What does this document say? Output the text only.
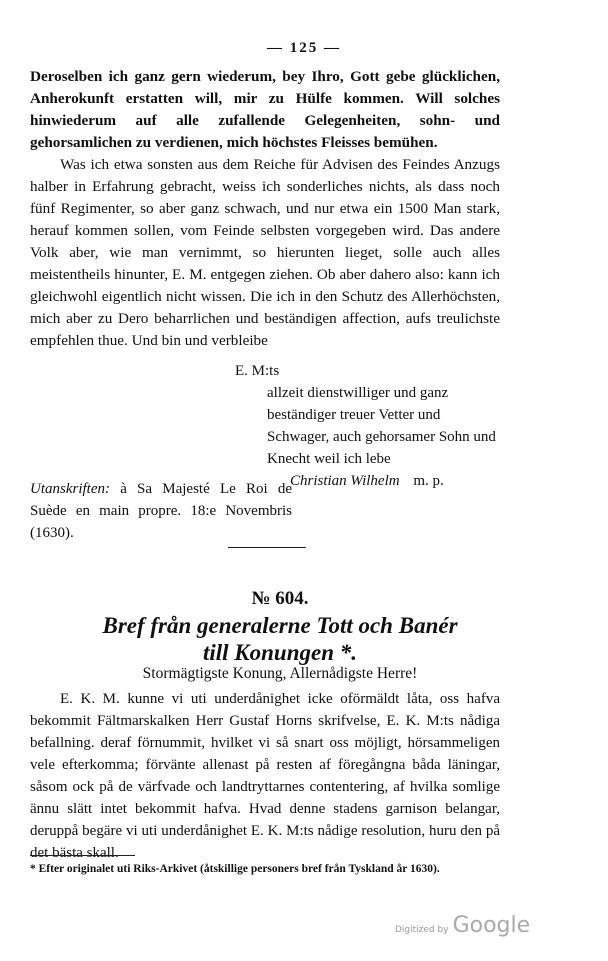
— 125 —

Deroselben ich ganz gern wiederum, bey Ihro, Gott gebe glücklichen, Anherokunft erstatten will, mir zu Hülfe kommen. Will solches hinwiederum auf alle zufallende Gelegenheiten, sohn- und gehorsamlichen zu verdienen, mich höchstes Fleisses bemühen.

Was ich etwa sonsten aus dem Reiche für Advisen des Feindes Anzugs halber in Erfahrung gebracht, weiss ich sonderliches nichts, als dass noch fünf Regimenter, so aber ganz schwach, und nur etwa ein 1500 Man stark, herauf kommen sollen, vom Feinde selbsten vorgegeben wird. Das andere Volk aber, wie man vernimmt, so hierunten lieget, solle auch alles meistentheils hinunter, E. M. entgegen ziehen. Ob aber dahero also: kann ich gleichwohl eigentlich nicht wissen. Die ich in den Schutz des Allerhöchsten, mich aber zu Dero beharrlichen und beständigen affection, aufs treulichste empfehlen thue. Und bin und verbleibe

E. M:ts
allzeit dienstwilliger und ganz beständiger treuer Vetter und Schwager, auch gehorsamer Sohn und Knecht weil ich lebe
Christian Wilhelm m. p.
Utanskriften: à Sa Majesté Le Roi de Suède en main propre. 18:e Novembris (1630).
№ 604.
Bref från generalerne Tott och Banér
till Konungen *.
Stormägtigste Konung, Allernådigste Herre!

E. K. M. kunne vi uti underdånighet icke oförmäldt låta, oss hafva bekommit Fältmarskalken Herr Gustaf Horns skrifvelse, E. K. M:ts nådiga befallning. deraf förnummit, hvilket vi så snart oss möjligt, hörsammeligen vele efterkomma; förvänte allenast på resten af föregångna båda läningar, såsom ock på de värfvade och landtryttarnes contentering, af hvilka somlige ännu slätt intet bekommit hafva. Hvad denne stadens garnison belangar, deruppå begäre vi uti underdånighet E. K. M:ts nådige resolution, huru den på det bästa skall.

* Efter originalet uti Riks-Arkivet (åtskillige personers bref från Tyskland år 1630).
Digitized by Google
